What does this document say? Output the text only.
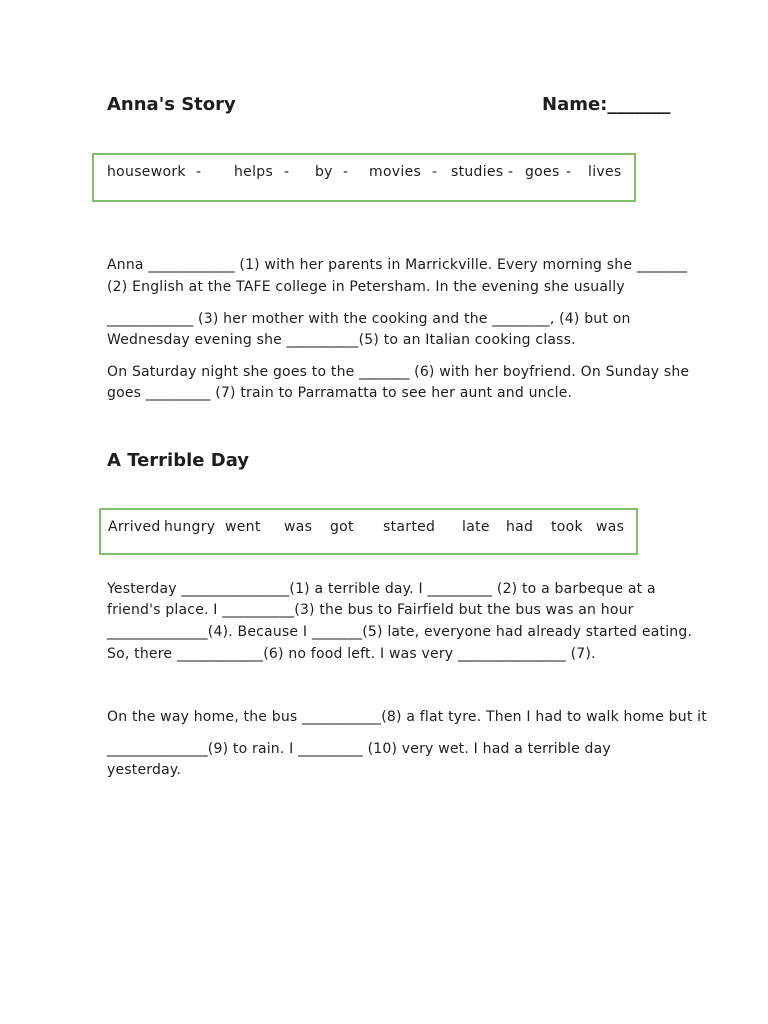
Anna's Story	Name:_______
housework - helps - by - movies - studies - goes - lives
Anna ____________ (1) with her parents in Marrickville. Every morning she _______
(2) English at the TAFE college in Petersham. In the evening she usually
____________ (3) her mother with the cooking and the ________, (4) but on
Wednesday evening she __________(5) to an Italian cooking class.
On Saturday night she goes to the _______ (6) with her boyfriend. On Sunday she
goes _________ (7) train to Parramatta to see her aunt and uncle.
A Terrible Day
Arrived hungry went was got started late had took was
Yesterday _______________(1) a terrible day. I _________ (2) to a barbeque at a
friend's place. I __________(3) the bus to Fairfield but the bus was an hour
______________(4). Because I _______(5) late, everyone had already started eating.
So, there ____________(6) no food left. I was very _______________ (7).
On the way home, the bus ___________(8) a flat tyre. Then I had to walk home but it
______________(9) to rain. I _________ (10) very wet. I had a terrible day
yesterday.
